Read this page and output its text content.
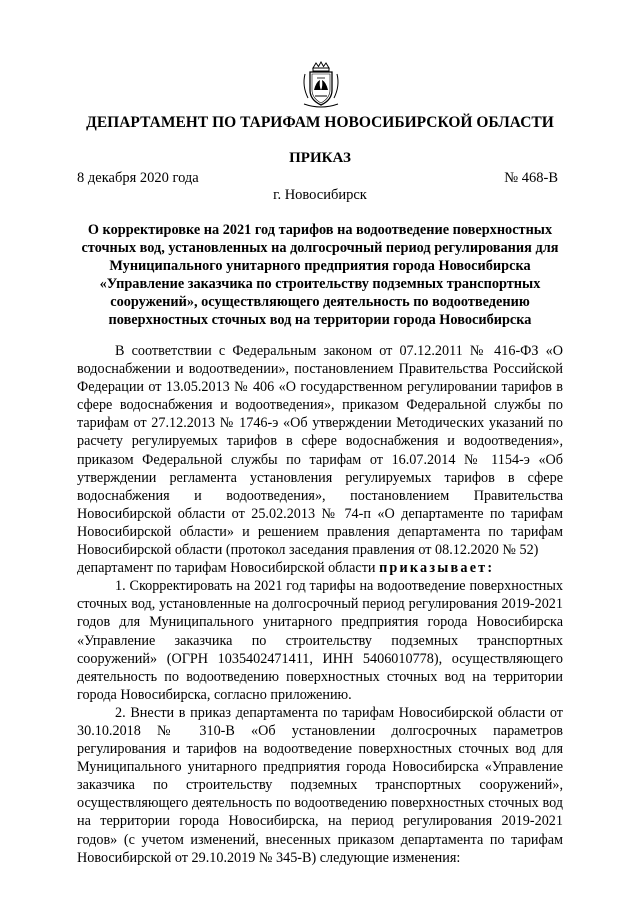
ДЕПАРТАМЕНТ ПО ТАРИФАМ НОВОСИБИРСКОЙ ОБЛАСТИ
ПРИКАЗ
8 декабря 2020 года	№ 468-В
г. Новосибирск
О корректировке на 2021 год тарифов на водоотведение поверхностных
сточных вод, установленных на долгосрочный период регулирования для
Муниципального унитарного предприятия города Новосибирска
«Управление заказчика по строительству подземных транспортных
сооружений», осуществляющего деятельность по водоотведению
поверхностных сточных вод на территории города Новосибирска
В соответствии с Федеральным законом от 07.12.2011 № 416-ФЗ «О водоснабжении и водоотведении», постановлением Правительства Российской Федерации от 13.05.2013 № 406 «О государственном регулировании тарифов в сфере водоснабжения и водоотведения», приказом Федеральной службы по тарифам от 27.12.2013 № 1746-э «Об утверждении Методических указаний по расчету регулируемых тарифов в сфере водоснабжения и водоотведения», приказом Федеральной службы по тарифам от 16.07.2014 № 1154-э «Об утверждении регламента установления регулируемых тарифов в сфере водоснабжения и водоотведения», постановлением Правительства Новосибирской области от 25.02.2013 № 74-п «О департаменте по тарифам Новосибирской области» и решением правления департамента по тарифам Новосибирской области (протокол заседания правления от 08.12.2020 № 52)
департамент по тарифам Новосибирской области приказывает:
1. Скорректировать на 2021 год тарифы на водоотведение поверхностных сточных вод, установленные на долгосрочный период регулирования 2019-2021 годов для Муниципального унитарного предприятия города Новосибирска «Управление заказчика по строительству подземных транспортных сооружений» (ОГРН 1035402471411, ИНН 5406010778), осуществляющего деятельность по водоотведению поверхностных сточных вод на территории города Новосибирска, согласно приложению.
2. Внести в приказ департамента по тарифам Новосибирской области от 30.10.2018 № 310-В «Об установлении долгосрочных параметров регулирования и тарифов на водоотведение поверхностных сточных вод для Муниципального унитарного предприятия города Новосибирска «Управление заказчика по строительству подземных транспортных сооружений», осуществляющего деятельность по водоотведению поверхностных сточных вод на территории города Новосибирска, на период регулирования 2019-2021 годов» (с учетом изменений, внесенных приказом департамента по тарифам Новосибирской от 29.10.2019 № 345-В) следующие изменения:
